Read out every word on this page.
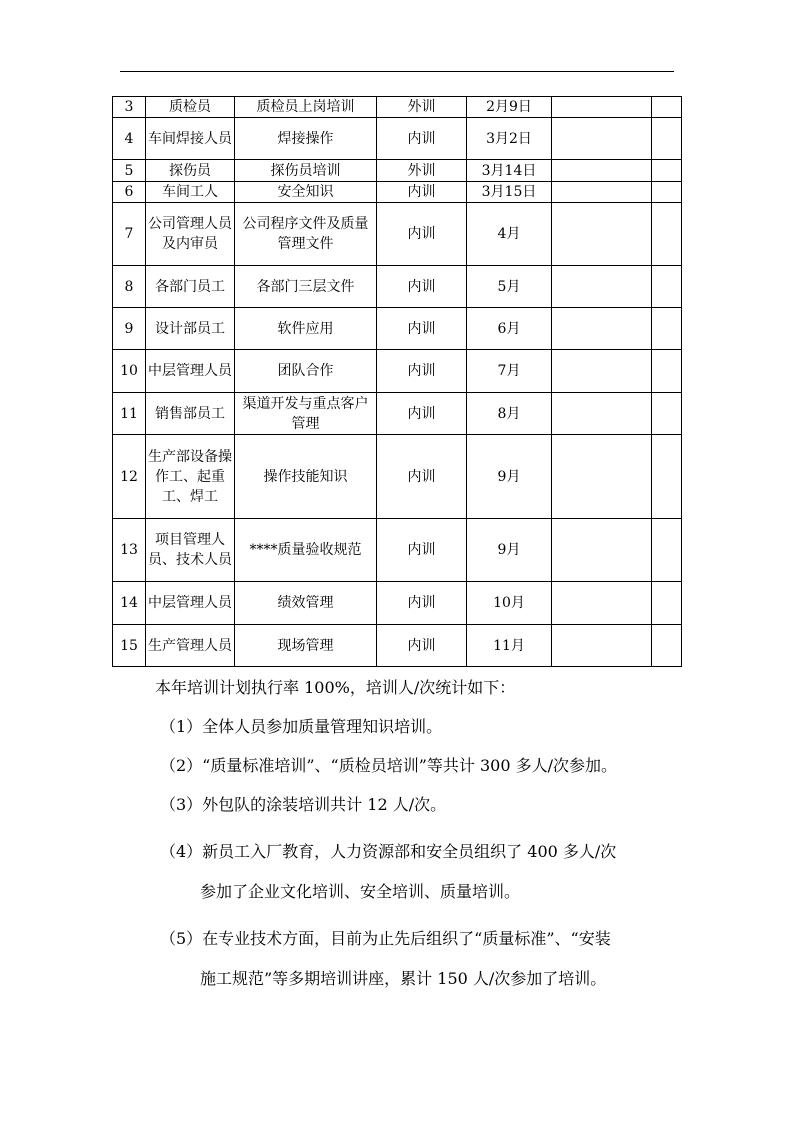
3	质检员	质检员上岗培训	外训	2月9日		
4	车间焊接人员	焊接操作	内训	3月2日		
5	探伤员	探伤员培训	外训	3月14日		
6	车间工人	安全知识	内训	3月15日		
7	公司管理人员及内审员	公司程序文件及质量管理文件	内训	4月		
8	各部门员工	各部门三层文件	内训	5月		
9	设计部员工	软件应用	内训	6月		
10	中层管理人员	团队合作	内训	7月		
11	销售部员工	渠道开发与重点客户管理	内训	8月		
12	生产部设备操作工、起重工、焊工	操作技能知识	内训	9月		
13	项目管理人员、技术人员	****质量验收规范	内训	9月		
14	中层管理人员	绩效管理	内训	10月		
15	生产管理人员	现场管理	内训	11月		
本年培训计划执行率 100%，培训人/次统计如下：
（1）全体人员参加质量管理知识培训。
（2）“质量标准培训”、“质检员培训”等共计 300 多人/次参加。
（3）外包队的涂装培训共计 12 人/次。
（4）新员工入厂教育，人力资源部和安全员组织了 400 多人/次
参加了企业文化培训、安全培训、质量培训。
（5）在专业技术方面，目前为止先后组织了“质量标准”、“安装
施工规范”等多期培训讲座，累计 150 人/次参加了培训。
